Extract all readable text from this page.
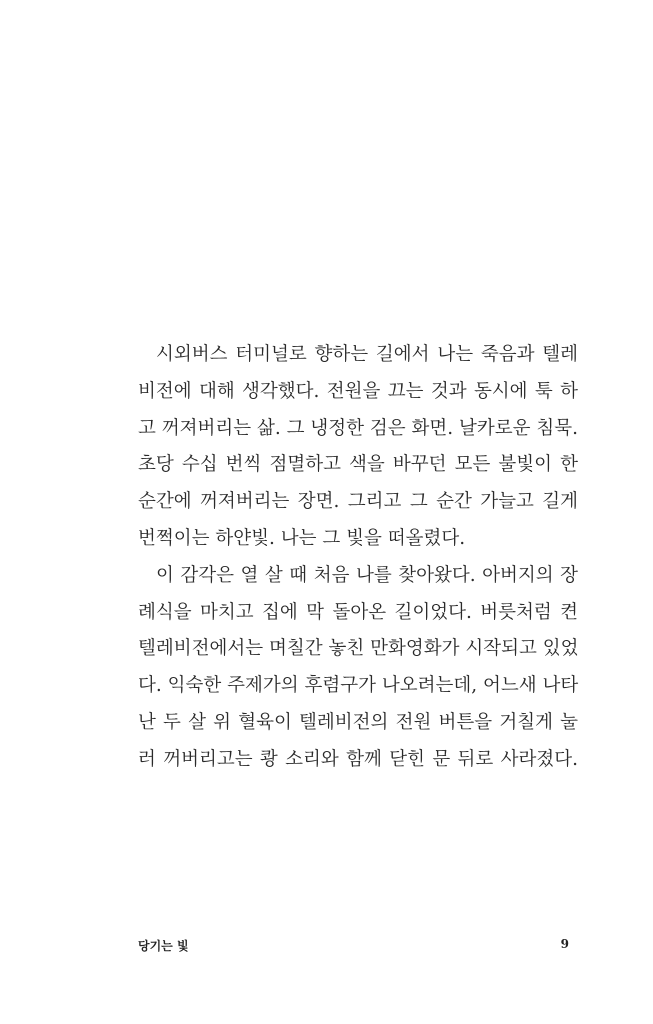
시외버스 터미널로 향하는 길에서 나는 죽음과 텔레
비전에 대해 생각했다. 전원을 끄는 것과 동시에 툭 하
고 꺼져버리는 삶. 그 냉정한 검은 화면. 날카로운 침묵.
초당 수십 번씩 점멸하고 색을 바꾸던 모든 불빛이 한
순간에 꺼져버리는 장면. 그리고 그 순간 가늘고 길게
번쩍이는 하얀빛. 나는 그 빛을 떠올렸다.
이 감각은 열 살 때 처음 나를 찾아왔다. 아버지의 장
례식을 마치고 집에 막 돌아온 길이었다. 버릇처럼 켠
텔레비전에서는 며칠간 놓친 만화영화가 시작되고 있었
다. 익숙한 주제가의 후렴구가 나오려는데, 어느새 나타
난 두 살 위 혈육이 텔레비전의 전원 버튼을 거칠게 눌
러 꺼버리고는 쾅 소리와 함께 닫힌 문 뒤로 사라졌다.
당기는 빛	9
